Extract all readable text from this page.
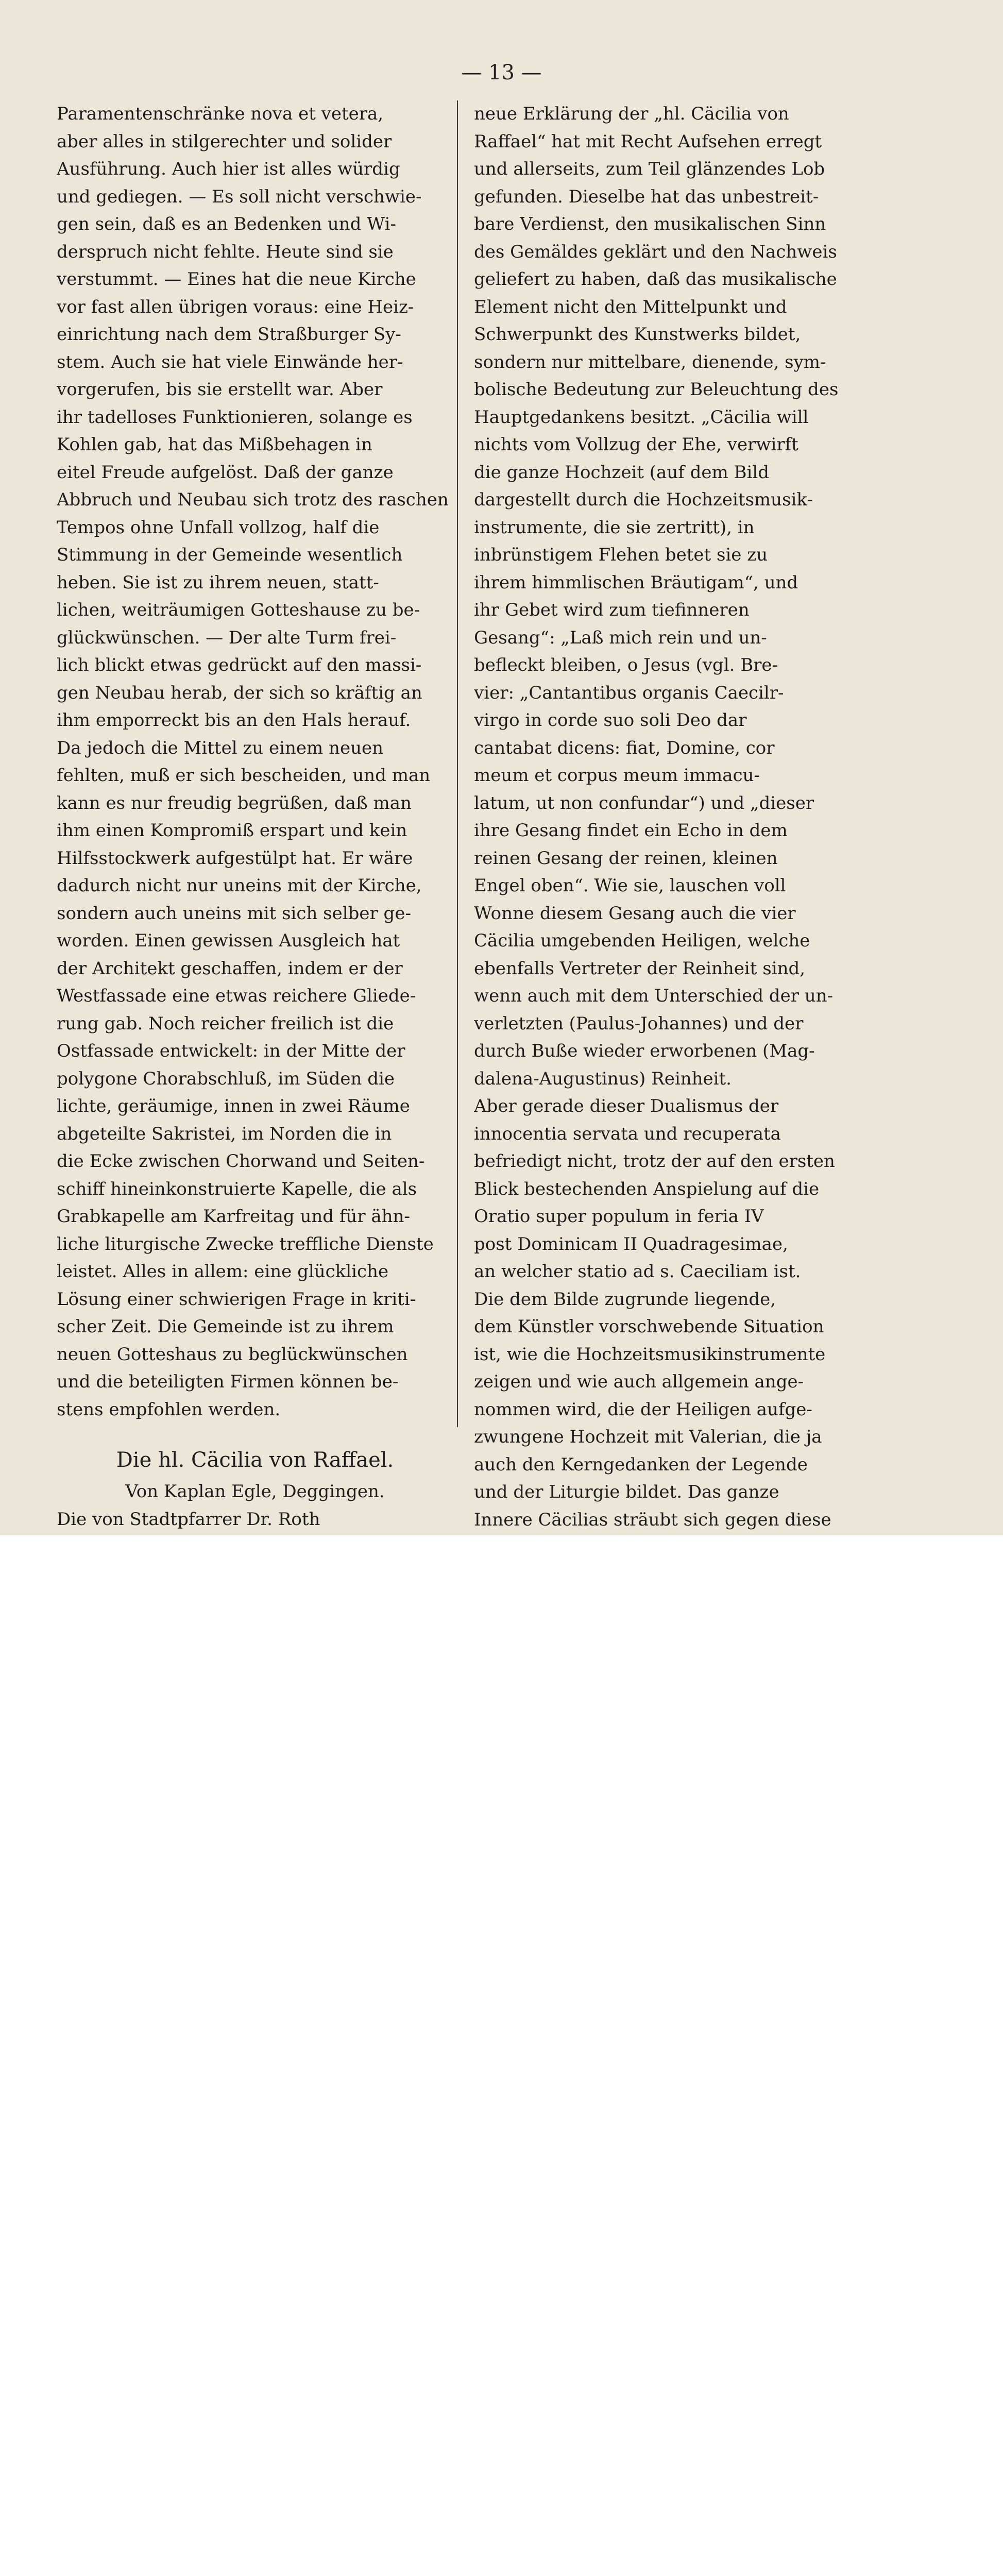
— 13 —
Paramentenschränke nova et vetera,
aber alles in stilgerechter und solider
Ausführung. Auch hier ist alles würdig
und gediegen. — Es soll nicht verschwie-
gen sein, daß es an Bedenken und Wi-
derspruch nicht fehlte. Heute sind sie
verstummt. — Eines hat die neue Kirche
vor fast allen übrigen voraus: eine Heiz-
einrichtung nach dem Straßburger Sy-
stem. Auch sie hat viele Einwände her-
vorgerufen, bis sie erstellt war. Aber
ihr tadelloses Funktionieren, solange es
Kohlen gab, hat das Mißbehagen in
eitel Freude aufgelöst. Daß der ganze
Abbruch und Neubau sich trotz des raschen
Tempos ohne Unfall vollzog, half die
Stimmung in der Gemeinde wesentlich
heben. Sie ist zu ihrem neuen, statt-
lichen, weiträumigen Gotteshause zu be-
glückwünschen. — Der alte Turm frei-
lich blickt etwas gedrückt auf den massi-
gen Neubau herab, der sich so kräftig an
ihm emporreckt bis an den Hals herauf.
Da jedoch die Mittel zu einem neuen
fehlten, muß er sich bescheiden, und man
kann es nur freudig begrüßen, daß man
ihm einen Kompromiß erspart und kein
Hilfsstockwerk aufgestülpt hat. Er wäre
dadurch nicht nur uneins mit der Kirche,
sondern auch uneins mit sich selber ge-
worden. Einen gewissen Ausgleich hat
der Architekt geschaffen, indem er der
Westfassade eine etwas reichere Gliede-
rung gab. Noch reicher freilich ist die
Ostfassade entwickelt: in der Mitte der
polygone Chorabschluß, im Süden die
lichte, geräumige, innen in zwei Räume
abgeteilte Sakristei, im Norden die in
die Ecke zwischen Chorwand und Seiten-
schiff hineinkonstruierte Kapelle, die als
Grabkapelle am Karfreitag und für ähn-
liche liturgische Zwecke treffliche Dienste
leistet. Alles in allem: eine glückliche
Lösung einer schwierigen Frage in kriti-
scher Zeit. Die Gemeinde ist zu ihrem
neuen Gotteshaus zu beglückwünschen
und die beteiligten Firmen können be-
stens empfohlen werden.
Die hl. Cäcilia von Raffael.
Von Kaplan Egle, Deggingen.
Die von Stadtpfarrer Dr. Roth
neue Erklärung der „hl. Cäcilia von
Raffael“ hat mit Recht Aufsehen erregt
und allerseits, zum Teil glänzendes Lob
gefunden. Dieselbe hat das unbestreit-
bare Verdienst, den musikalischen Sinn
des Gemäldes geklärt und den Nachweis
geliefert zu haben, daß das musikalische
Element nicht den Mittelpunkt und
Schwerpunkt des Kunstwerks bildet,
sondern nur mittelbare, dienende, sym-
bolische Bedeutung zur Beleuchtung des
Hauptgedankens besitzt. „Cäcilia will
nichts vom Vollzug der Ehe, verwirft
die ganze Hochzeit (auf dem Bild
dargestellt durch die Hochzeitsmusik-
instrumente, die sie zertritt), in
inbrünstigem Flehen betet sie zu
ihrem himmlischen Bräutigam“, und
ihr Gebet wird zum tiefinneren
Gesang“: „Laß mich rein und un-
befleckt bleiben, o Jesus (vgl. Bre-
vier: „Cantantibus organis Caecilr-
virgo in corde suo soli Deo dar
cantabat dicens: fiat, Domine, cor
meum et corpus meum immacu-
latum, ut non confundar“) und „dieser
ihre Gesang findet ein Echo in dem
reinen Gesang der reinen, kleinen
Engel oben“. Wie sie, lauschen voll
Wonne diesem Gesang auch die vier
Cäcilia umgebenden Heiligen, welche
ebenfalls Vertreter der Reinheit sind,
wenn auch mit dem Unterschied der un-
verletzten (Paulus-Johannes) und der
durch Buße wieder erworbenen (Mag-
dalena-Augustinus) Reinheit.
Aber gerade dieser Dualismus der
innocentia servata und recuperata
befriedigt nicht, trotz der auf den ersten
Blick bestechenden Anspielung auf die
Oratio super populum in feria IV
post Dominicam II Quadragesimae,
an welcher statio ad s. Caeciliam ist.
Die dem Bilde zugrunde liegende,
dem Künstler vorschwebende Situation
ist, wie die Hochzeitsmusikinstrumente
zeigen und wie auch allgemein ange-
nommen wird, die der Heiligen aufge-
zwungene Hochzeit mit Valerian, die ja
auch den Kerngedanken der Legende
und der Liturgie bildet. Das ganze
Innere Cäcilias sträubt sich gegen diese
